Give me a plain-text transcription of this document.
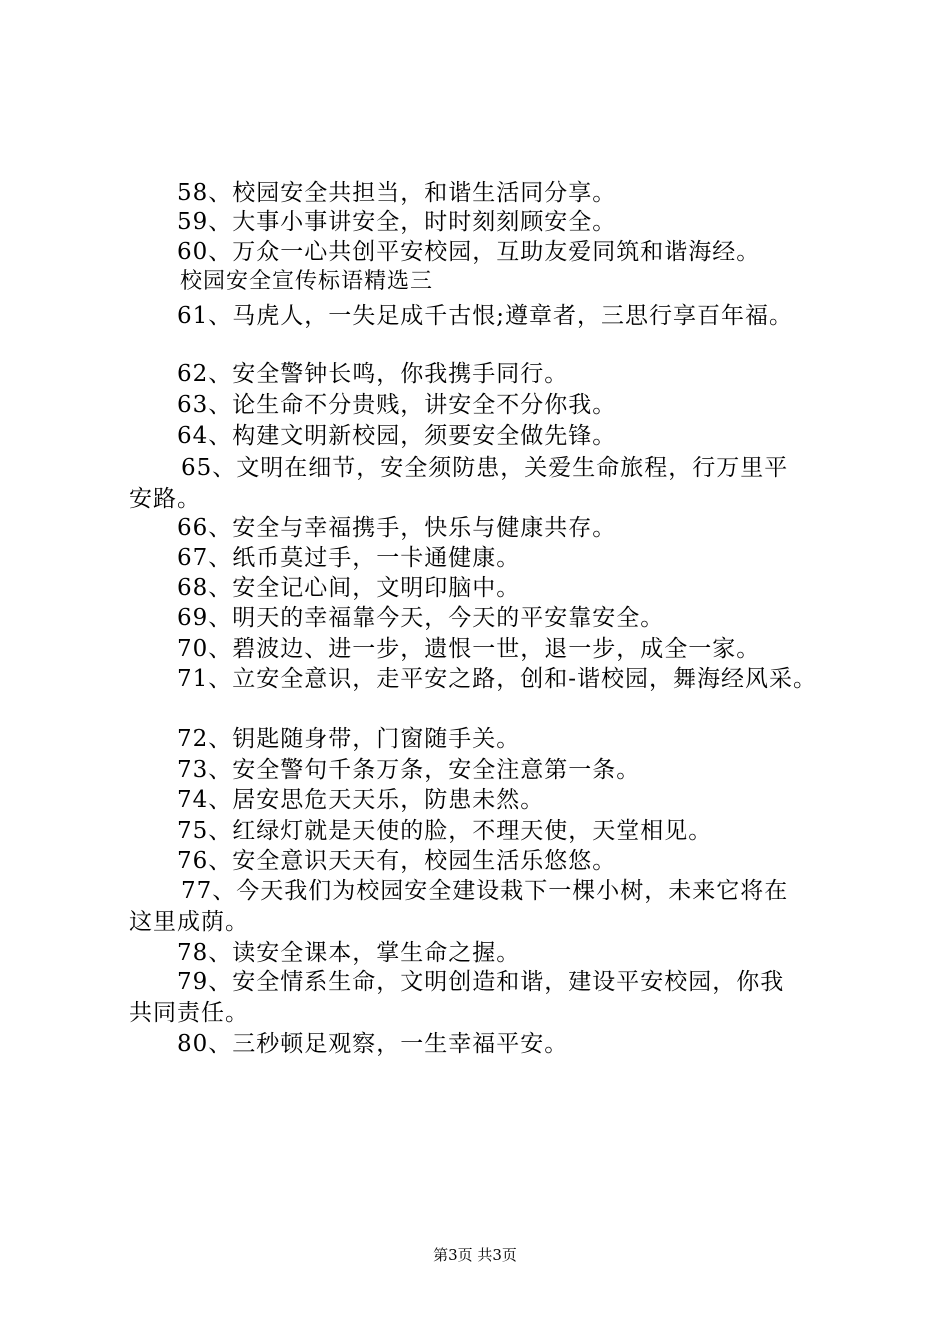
58、校园安全共担当，和谐生活同分享。
59、大事小事讲安全，时时刻刻顾安全。
60、万众一心共创平安校园，互助友爱同筑和谐海经。
校园安全宣传标语精选三
61、马虎人，一失足成千古恨;遵章者，三思行享百年福。
62、安全警钟长鸣，你我携手同行。
63、论生命不分贵贱，讲安全不分你我。
64、构建文明新校园，须要安全做先锋。
65、文明在细节，安全须防患，关爱生命旅程，行万里平
安路。
66、安全与幸福携手，快乐与健康共存。
67、纸币莫过手，一卡通健康。
68、安全记心间，文明印脑中。
69、明天的幸福靠今天，今天的平安靠安全。
70、碧波边、进一步，遗恨一世，退一步，成全一家。
71、立安全意识，走平安之路，创和-谐校园，舞海经风采。
72、钥匙随身带，门窗随手关。
73、安全警句千条万条，安全注意第一条。
74、居安思危天天乐，防患未然。
75、红绿灯就是天使的脸，不理天使，天堂相见。
76、安全意识天天有，校园生活乐悠悠。
77、今天我们为校园安全建设栽下一棵小树，未来它将在
这里成荫。
78、读安全课本，掌生命之握。
79、安全情系生命，文明创造和谐，建设平安校园，你我
共同责任。
80、三秒顿足观察，一生幸福平安。
第3页 共3页
